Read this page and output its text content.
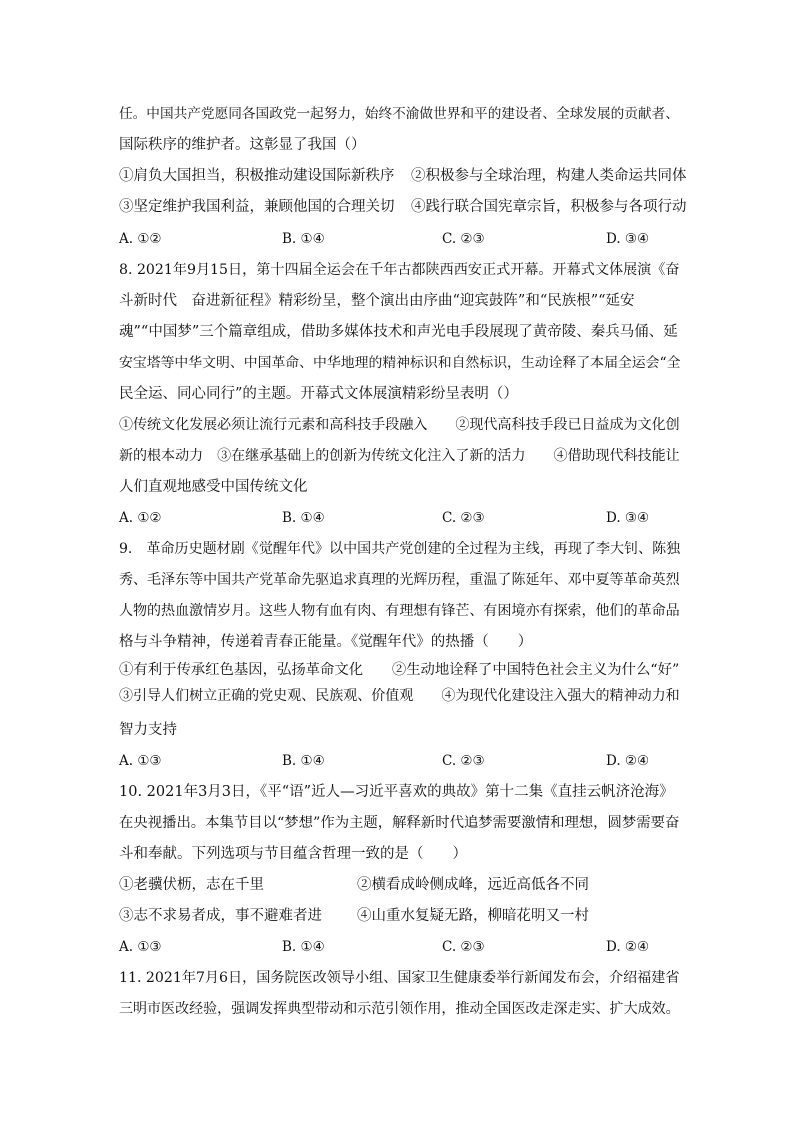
任。中国共产党愿同各国政党一起努力，始终不渝做世界和平的建设者、全球发展的贡献者、
国际秩序的维护者。这彰显了我国（）
①肩负大国担当，积极推动建设国际新秩序 ②积极参与全球治理，构建人类命运共同体
③坚定维护我国利益，兼顾他国的合理关切 ④践行联合国宪章宗旨，积极参与各项行动
A. ①②	B. ①④	C. ②③	D. ③④
8. 2021年9月15日，第十四届全运会在千年古都陕西西安正式开幕。开幕式文体展演《奋
斗新时代　奋进新征程》精彩纷呈，整个演出由序曲“迎宾鼓阵”和“民族根”“延安
魂”“中国梦”三个篇章组成，借助多媒体技术和声光电手段展现了黄帝陵、秦兵马俑、延
安宝塔等中华文明、中国革命、中华地理的精神标识和自然标识，生动诠释了本届全运会“全
民全运、同心同行”的主题。开幕式文体展演精彩纷呈表明（）
①传统文化发展必须让流行元素和高科技手段融入　　②现代高科技手段已日益成为文化创
新的根本动力　③在继承基础上的创新为传统文化注入了新的活力　　④借助现代科技能让
人们直观地感受中国传统文化
A. ①②	B. ①④	C. ②③	D. ③④
9.　革命历史题材剧《觉醒年代》以中国共产党创建的全过程为主线，再现了李大钊、陈独
秀、毛泽东等中国共产党革命先驱追求真理的光辉历程，重温了陈延年、邓中夏等革命英烈
人物的热血激情岁月。这些人物有血有肉、有理想有锋芒、有困境亦有探索，他们的革命品
格与斗争精神，传递着青春正能量。《觉醒年代》的热播（　　）
①有利于传承红色基因，弘扬革命文化　　②生动地诠释了中国特色社会主义为什么“好”
③引导人们树立正确的党史观、民族观、价值观　　④为现代化建设注入强大的精神动力和
智力支持
A. ①③	B. ①④	C. ②③	D. ②④
10. 2021年3月3日，《平“语”近人—习近平喜欢的典故》第十二集《直挂云帆济沧海》
在央视播出。本集节目以“梦想”作为主题，解释新时代追梦需要激情和理想，圆梦需要奋
斗和奉献。下列选项与节目蕴含哲理一致的是（　　）
①老骥伏枥，志在千里	②横看成岭侧成峰，远近高低各不同
③志不求易者成，事不避难者进 ④山重水复疑无路，柳暗花明又一村
A. ①③	B. ①④	C. ②③	D. ②④
11. 2021年7月6日，国务院医改领导小组、国家卫生健康委举行新闻发布会，介绍福建省
三明市医改经验，强调发挥典型带动和示范引领作用，推动全国医改走深走实、扩大成效。
